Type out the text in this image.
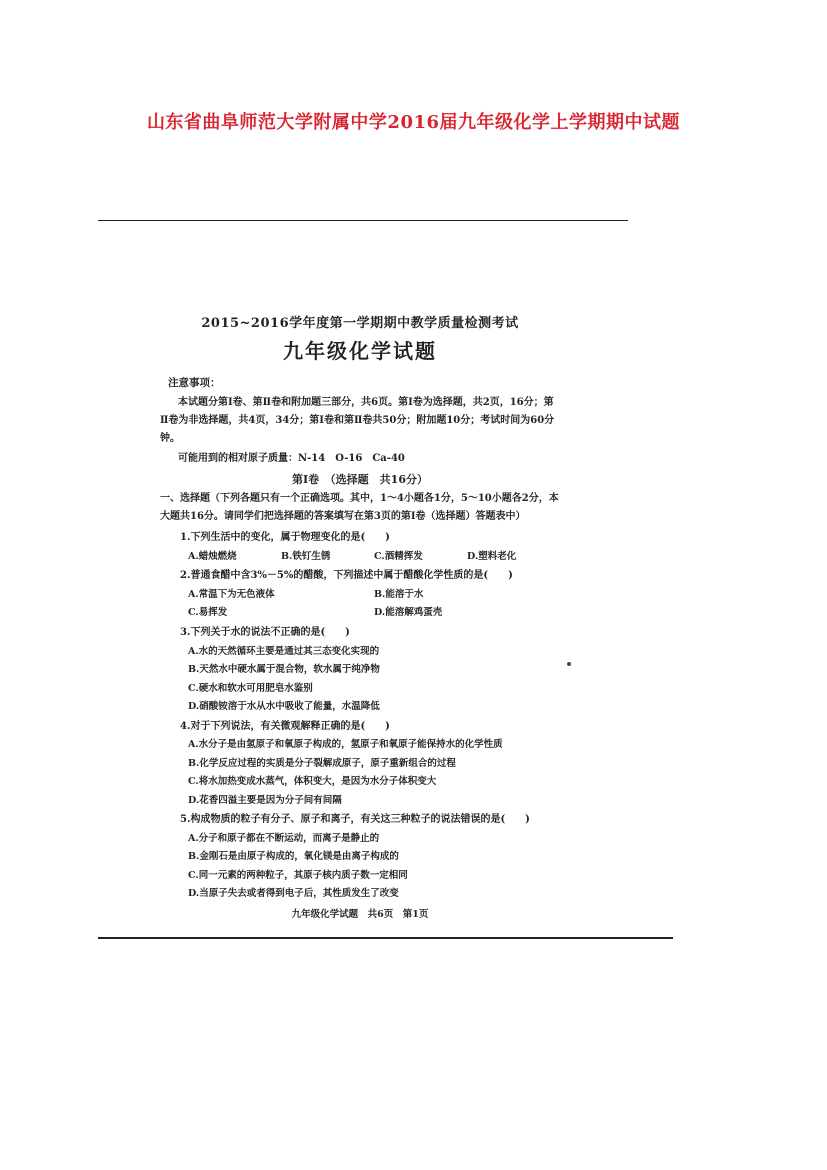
山东省曲阜师范大学附属中学2016届九年级化学上学期期中试题
2015~2016学年度第一学期期中教学质量检测考试
九年级化学试题
注意事项：
本试题分第Ⅰ卷、第Ⅱ卷和附加题三部分，共6页。第Ⅰ卷为选择题，共2页，16分；第Ⅱ卷为非选择题，共4页，34分；第Ⅰ卷和第Ⅱ卷共50分；附加题10分；考试时间为60分钟。
可能用到的相对原子质量：N-14　O-16　Ca-40
第Ⅰ卷　（选择题　共16分）
一、选择题（下列各题只有一个正确选项。其中，1～4小题各1分，5～10小题各2分，本大题共16分。请同学们把选择题的答案填写在第3页的第Ⅰ卷（选择题）答题表中）
1.下列生活中的变化，属于物理变化的是(　　)
A.蜡烛燃烧	B.铁钉生锈	C.酒精挥发	D.塑料老化
2.普通食醋中含3%－5%的醋酸，下列描述中属于醋酸化学性质的是(　　)
A.常温下为无色液体	B.能溶于水
C.易挥发	D.能溶解鸡蛋壳
3.下列关于水的说法不正确的是(　　)
A.水的天然循环主要是通过其三态变化实现的
B.天然水中硬水属于混合物，软水属于纯净物
C.硬水和软水可用肥皂水鉴别
D.硝酸铵溶于水从水中吸收了能量，水温降低
4.对于下列说法，有关微观解释正确的是(　　)
A.水分子是由氢原子和氧原子构成的，氢原子和氧原子能保持水的化学性质
B.化学反应过程的实质是分子裂解成原子，原子重新组合的过程
C.将水加热变成水蒸气，体积变大，是因为水分子体积变大
D.花香四溢主要是因为分子间有间隔
5.构成物质的粒子有分子、原子和离子，有关这三种粒子的说法错误的是(　　)
A.分子和原子都在不断运动，而离子是静止的
B.金刚石是由原子构成的，氧化镁是由离子构成的
C.同一元素的两种粒子，其原子核内质子数一定相同
D.当原子失去或者得到电子后，其性质发生了改变
九年级化学试题　共6页　第1页
